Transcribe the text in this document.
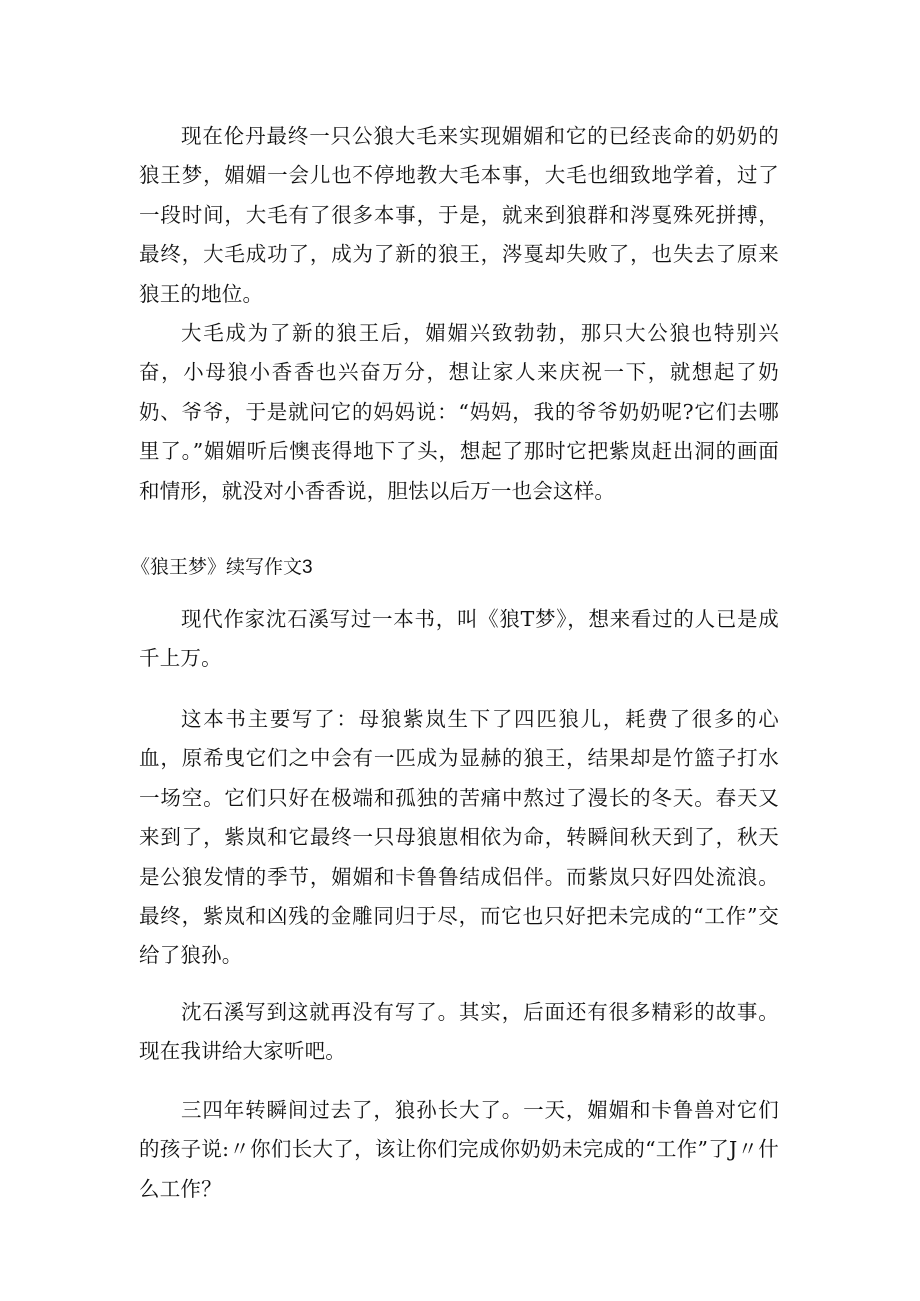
现在伦丹最终一只公狼大毛来实现媚媚和它的已经丧命的奶奶的狼王梦，媚媚一会儿也不停地教大毛本事，大毛也细致地学着，过了一段时间，大毛有了很多本事，于是，就来到狼群和涔戛殊死拼搏，最终，大毛成功了，成为了新的狼王，涔戛却失败了，也失去了原来狼王的地位。

大毛成为了新的狼王后，媚媚兴致勃勃，那只大公狼也特别兴奋，小母狼小香香也兴奋万分，想让家人来庆祝一下，就想起了奶奶、爷爷，于是就问它的妈妈说：“妈妈，我的爷爷奶奶呢?它们去哪里了。”媚媚听后懊丧得地下了头，想起了那时它把紫岚赶出洞的画面和情形，就没对小香香说，胆怯以后万一也会这样。

《狼王梦》续写作文3

现代作家沈石溪写过一本书，叫《狼T梦》，想来看过的人已是成千上万。

这本书主要写了：母狼紫岚生下了四匹狼儿，耗费了很多的心血，原希曳它们之中会有一匹成为显赫的狼王，结果却是竹篮子打水一场空。它们只好在极端和孤独的苦痛中熬过了漫长的冬天。春天又来到了，紫岚和它最终一只母狼崽相依为命，转瞬间秋天到了，秋天是公狼发情的季节，媚媚和卡鲁鲁结成侣伴。而紫岚只好四处流浪。最终，紫岚和凶残的金雕同归于尽，而它也只好把未完成的“工作”交给了狼孙。

沈石溪写到这就再没有写了。其实，后面还有很多精彩的故事。现在我讲给大家听吧。

三四年转瞬间过去了，狼孙长大了。一天，媚媚和卡鲁兽对它们的孩子说:〃你们长大了，该让你们完成你奶奶未完成的“工作”了J〃什么工作？
